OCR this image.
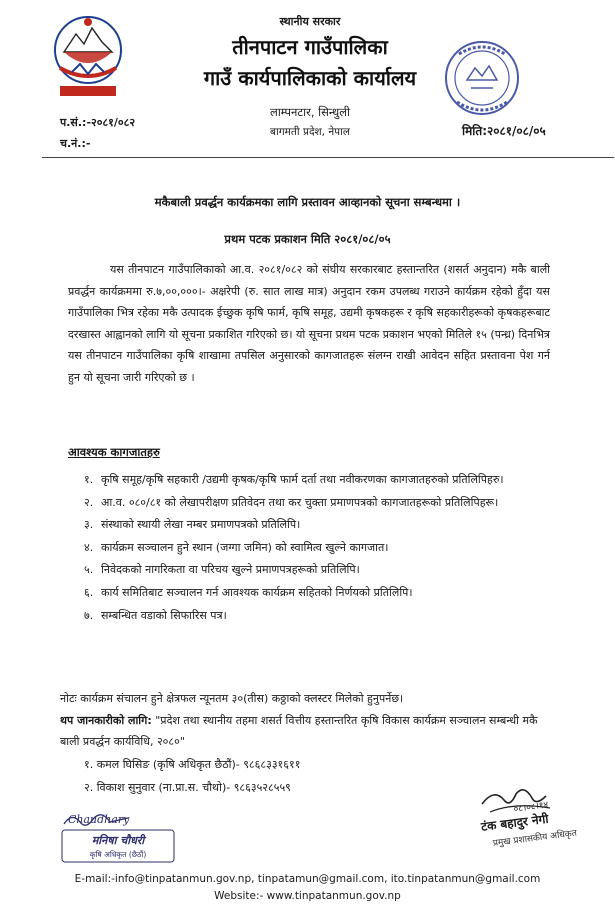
स्थानीय सरकार
तीनपाटन गाउँपालिका
गाउँ कार्यपालिकाको कार्यालय
लाम्पनटार, सिन्धुली
बागमती प्रदेश, नेपाल
प.सं.:-२०८१/०८२
च.नं.:-
मिति:२०८१/०८/०५
मकैबाली प्रवर्द्धन कार्यक्रमका लागि प्रस्तावन आव्हानको सूचना सम्बन्धमा ।
प्रथम पटक प्रकाशन मिति २०८१/०८/०५
यस तीनपाटन गाउँपालिकाको आ.व. २०८१/०८२ को संघीय सरकारबाट हस्तान्तरित (शसर्त अनुदान) मकै बाली प्रवर्द्धन कार्यक्रममा रु.७,००,०००।- अक्षरेपी (रु. सात लाख मात्र) अनुदान रकम उपलब्ध गराउने कार्यक्रम रहेको हुँदा यस गाउँपालिका भित्र रहेका मकै उत्पादक ईच्छुक कृषि फार्म, कृषि समूह, उद्यमी कृषकहरू र कृषि सहकारीहरूको कृषकहरूबाट दरखास्त आह्वानको लागि यो सूचना प्रकाशित गरिएको छ। यो सूचना प्रथम पटक प्रकाशन भएको मितिले १५ (पन्ध्र) दिनभित्र यस तीनपाटन गाउँपालिका कृषि शाखामा तपसिल अनुसारको कागजातहरू संलग्न राखी आवेदन सहित प्रस्तावना पेश गर्न हुन यो सूचना जारी गरिएको छ ।
आवश्यक कागजातहरु
१. कृषि समूह/कृषि सहकारी /उद्यमी कृषक/कृषि फार्म दर्ता तथा नवीकरणका कागजातहरुको प्रतिलिपिहरु।
२. आ.व. ०८०/८१ को लेखापरीक्षण प्रतिवेदन तथा कर चुक्ता प्रमाणपत्रको कागजातहरूको प्रतिलिपिहरू।
३. संस्थाको स्थायी लेखा नम्बर प्रमाणपत्रको प्रतिलिपि।
४. कार्यक्रम सञ्चालन हुने स्थान (जग्गा जमिन) को स्वामित्व खुल्ने कागजात।
५. निवेदकको नागरिकता वा परिचय खुल्ने प्रमाणपत्रहरूको प्रतिलिपि।
६. कार्य समितिबाट सञ्चालन गर्न आवश्यक कार्यक्रम सहितको निर्णयको प्रतिलिपि।
७. सम्बन्धित वडाको सिफारिस पत्र।
नोटः कार्यक्रम संचालन हुने क्षेत्रफल न्यूनतम ३०(तीस) कठ्ठाको क्लस्टर मिलेको हुनुपर्नेछ।
थप जानकारीको लागि: "प्रदेश तथा स्थानीय तहमा शसर्त वित्तीय हस्तान्तरित कृषि विकास कार्यक्रम सञ्चालन सम्बन्धी मकै बाली प्रवर्द्धन कार्यविधि, २०८०"
१. कमल घिसिङ (कृषि अधिकृत छैठौं)- ९८६८३३१६११
२. विकाश सुनुवार (ना.प्रा.स. चौथो)- ९८६३५२८५५९
Chaudhary
मनिषा चौधरी
कृषि अधिकृत (छैठौं)
०८।०८।१४
टंक बहादुर नेगी
प्रमुख प्रशासकीय अधिकृत
E-mail:-info@tinpatanmun.gov.np, tinpatamun@gmail.com, ito.tinpatanmun@gmail.com
Website:- www.tinpatanmun.gov.np
